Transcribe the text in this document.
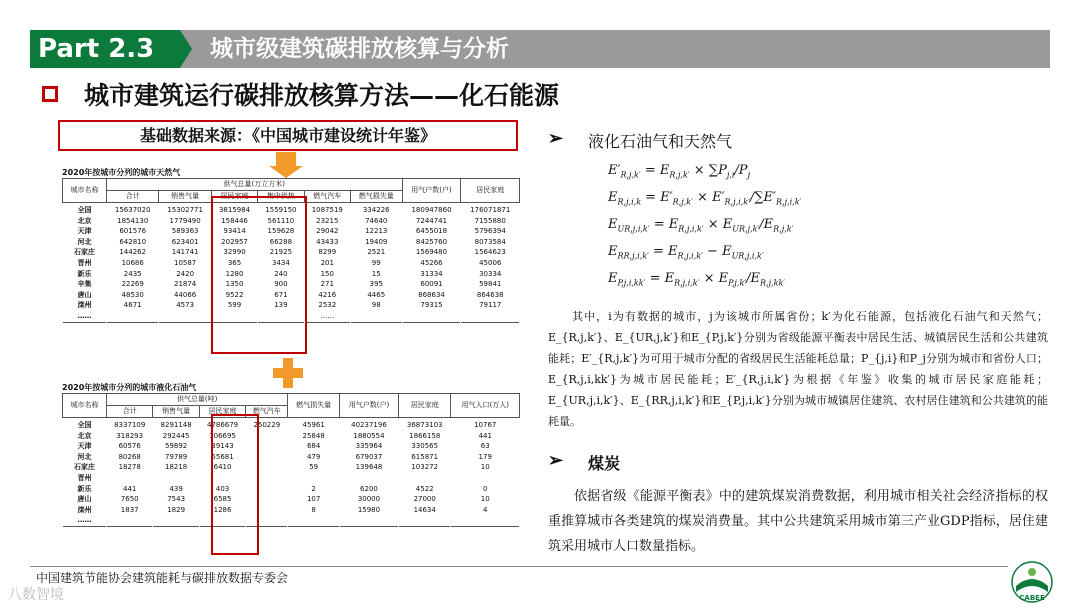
Part 2.3	城市级建筑碳排放核算与分析
城市建筑运行碳排放核算方法——化石能源
基础数据来源：《中国城市建设统计年鉴》
2020年按城市分列的城市天然气
城市名称	供气总量(万立方米)						用气户数(户)	居民家庭
	合计	销售气量	居民家庭	集中供热	燃气汽车	燃气损失量		
全国	15637020	15302771	3815984	1559150	1087519	334226	180947860	176071871
北京	1854130	1779490	158446	561110	23215	74640	7244741	7155880
天津	601576	589363	93414	159628	29042	12213	6455018	5796394
河北	642810	623401	202957	66288	43433	19409	8425760	8073584
石家庄	144262	141741	32990	21925	8299	2521	1569480	1564623
晋州	10686	10587	365	3434	201	99	45266	45006
新乐	2435	2420	1280	240	150	15	31334	30334
辛集	22269	21874	1350	900	271	395	60091	59841
唐山	48530	44066	9522	671	4216	4465	868634	864638
滦州	4671	4573	599	139	2532	98	79315	79117
……					……			
2020年按城市分列的城市液化石油气
城市名称	供气总量(吨)				燃气损失量	用气户数(户)	居民家庭	用气人口(万人)
	合计	销售气量	居民家庭	燃气汽车				
全国	8337109	8291148	4786679	250229	45961	40237196	36873103	10767
北京	318293	292445	106695		25848	1880554	1866158	441
天津	60576	59892	39143		684	335964	330565	63
河北	80268	79789	55681		479	679037	615871	179
石家庄	18278	18218	6410		59	139648	103272	10
晋州								
新乐	441	439	403		2	6200	4522	0
唐山	7650	7543	6585		107	30000	27000	10
滦州	1837	1829	1286		8	15980	14634	4
……								
➢ 液化石油气和天然气
$E'_{R,j,k'} = E_{R,j,k'} \times \sum P_{j,i}/P_j$
$E_{R,j,i,k} = E'_{R,j,k'} \times E'_{R,j,i,k'}/\sum E'_{R,j,i,k'}$
$E_{UR,j,i,k'} = E_{R,j,i,k'} \times E_{UR,j,k'}/E_{R,j,k'}$
$E_{RR,j,i,k'} = E_{R,j,i,k'} - E_{UR,j,i,k'}$
$E_{P,j,i,kk'} = E_{R,j,i,k'} \times E_{P,j,k'}/E_{R,j,kk'}$
其中，i为有数据的城市，j为该城市所属省份；k′为化石能源，包括液化石油气和天然气；E_{R,j,k′}、E_{UR,j,k′}和E_{P,j,k′}分别为省级能源平衡表中居民生活、城镇居民生活和公共建筑能耗；E′_{R,j,k′}为可用于城市分配的省级居民生活能耗总量；P_{j,i}和P_j分别为城市和省份人口；E_{R,j,i,kk′}为城市居民能耗；E′_{R,j,i,k′}为根据《年鉴》收集的城市居民家庭能耗；E_{UR,j,i,k′}、E_{RR,j,i,k′}和E_{P,j,i,k′}分别为城市城镇居住建筑、农村居住建筑和公共建筑的能耗量。
➢ 煤炭
依据省级《能源平衡表》中的建筑煤炭消费数据，利用城市相关社会经济指标的权重推算城市各类建筑的煤炭消费量。其中公共建筑采用城市第三产业GDP指标，居住建筑采用城市人口数量指标。
中国建筑节能协会建筑能耗与碳排放数据专委会
八数智境	CABEE
